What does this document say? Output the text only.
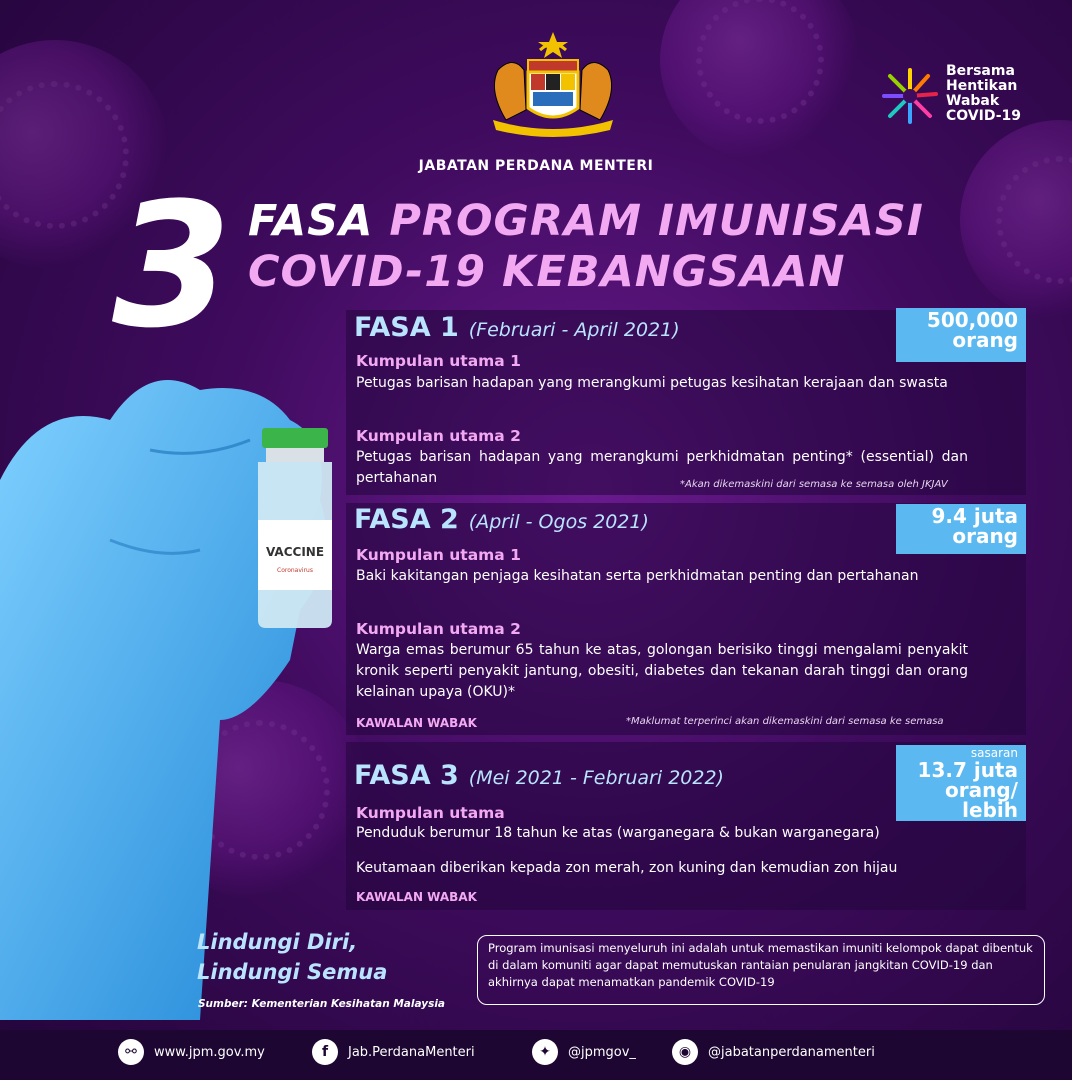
Bersama
Hentikan
Wabak
COVID-19
JABATAN PERDANA MENTERI
3 FASA PROGRAM IMUNISASI
COVID-19 KEBANGSAAN
VACCINE
Coronavirus
FASA 1 (Februari - April 2021)	500,000
orang
Kumpulan utama 1
Petugas barisan hadapan yang merangkumi petugas kesihatan kerajaan dan swasta
Kumpulan utama 2
Petugas barisan hadapan yang merangkumi perkhidmatan penting* (essential) dan pertahanan	*Akan dikemaskini dari semasa ke semasa oleh JKJAV
FASA 2 (April - Ogos 2021)	9.4 juta
orang
Kumpulan utama 1
Baki kakitangan penjaga kesihatan serta perkhidmatan penting dan pertahanan
Kumpulan utama 2
Warga emas berumur 65 tahun ke atas, golongan berisiko tinggi mengalami penyakit kronik seperti penyakit jantung, obesiti, diabetes dan tekanan darah tinggi dan orang kelainan upaya (OKU)*
KAWALAN WABAK	*Maklumat terperinci akan dikemaskini dari semasa ke semasa
FASA 3 (Mei 2021 - Februari 2022)
sasaran
13.7 juta
orang/
lebih
Kumpulan utama
Penduduk berumur 18 tahun ke atas (warganegara & bukan warganegara)
Keutamaan diberikan kepada zon merah, zon kuning dan kemudian zon hijau
KAWALAN WABAK
Lindungi Diri,
Lindungi Semua
Sumber: Kementerian Kesihatan Malaysia
Program imunisasi menyeluruh ini adalah untuk memastikan imuniti kelompok dapat dibentuk di dalam komuniti agar dapat memutuskan rantaian penularan jangkitan COVID-19 dan akhirnya dapat menamatkan pandemik COVID-19
⚯	www.jpm.gov.my	f	Jab.PerdanaMenteri	✦	@jpmgov_	◉	@jabatanperdanamenteri
